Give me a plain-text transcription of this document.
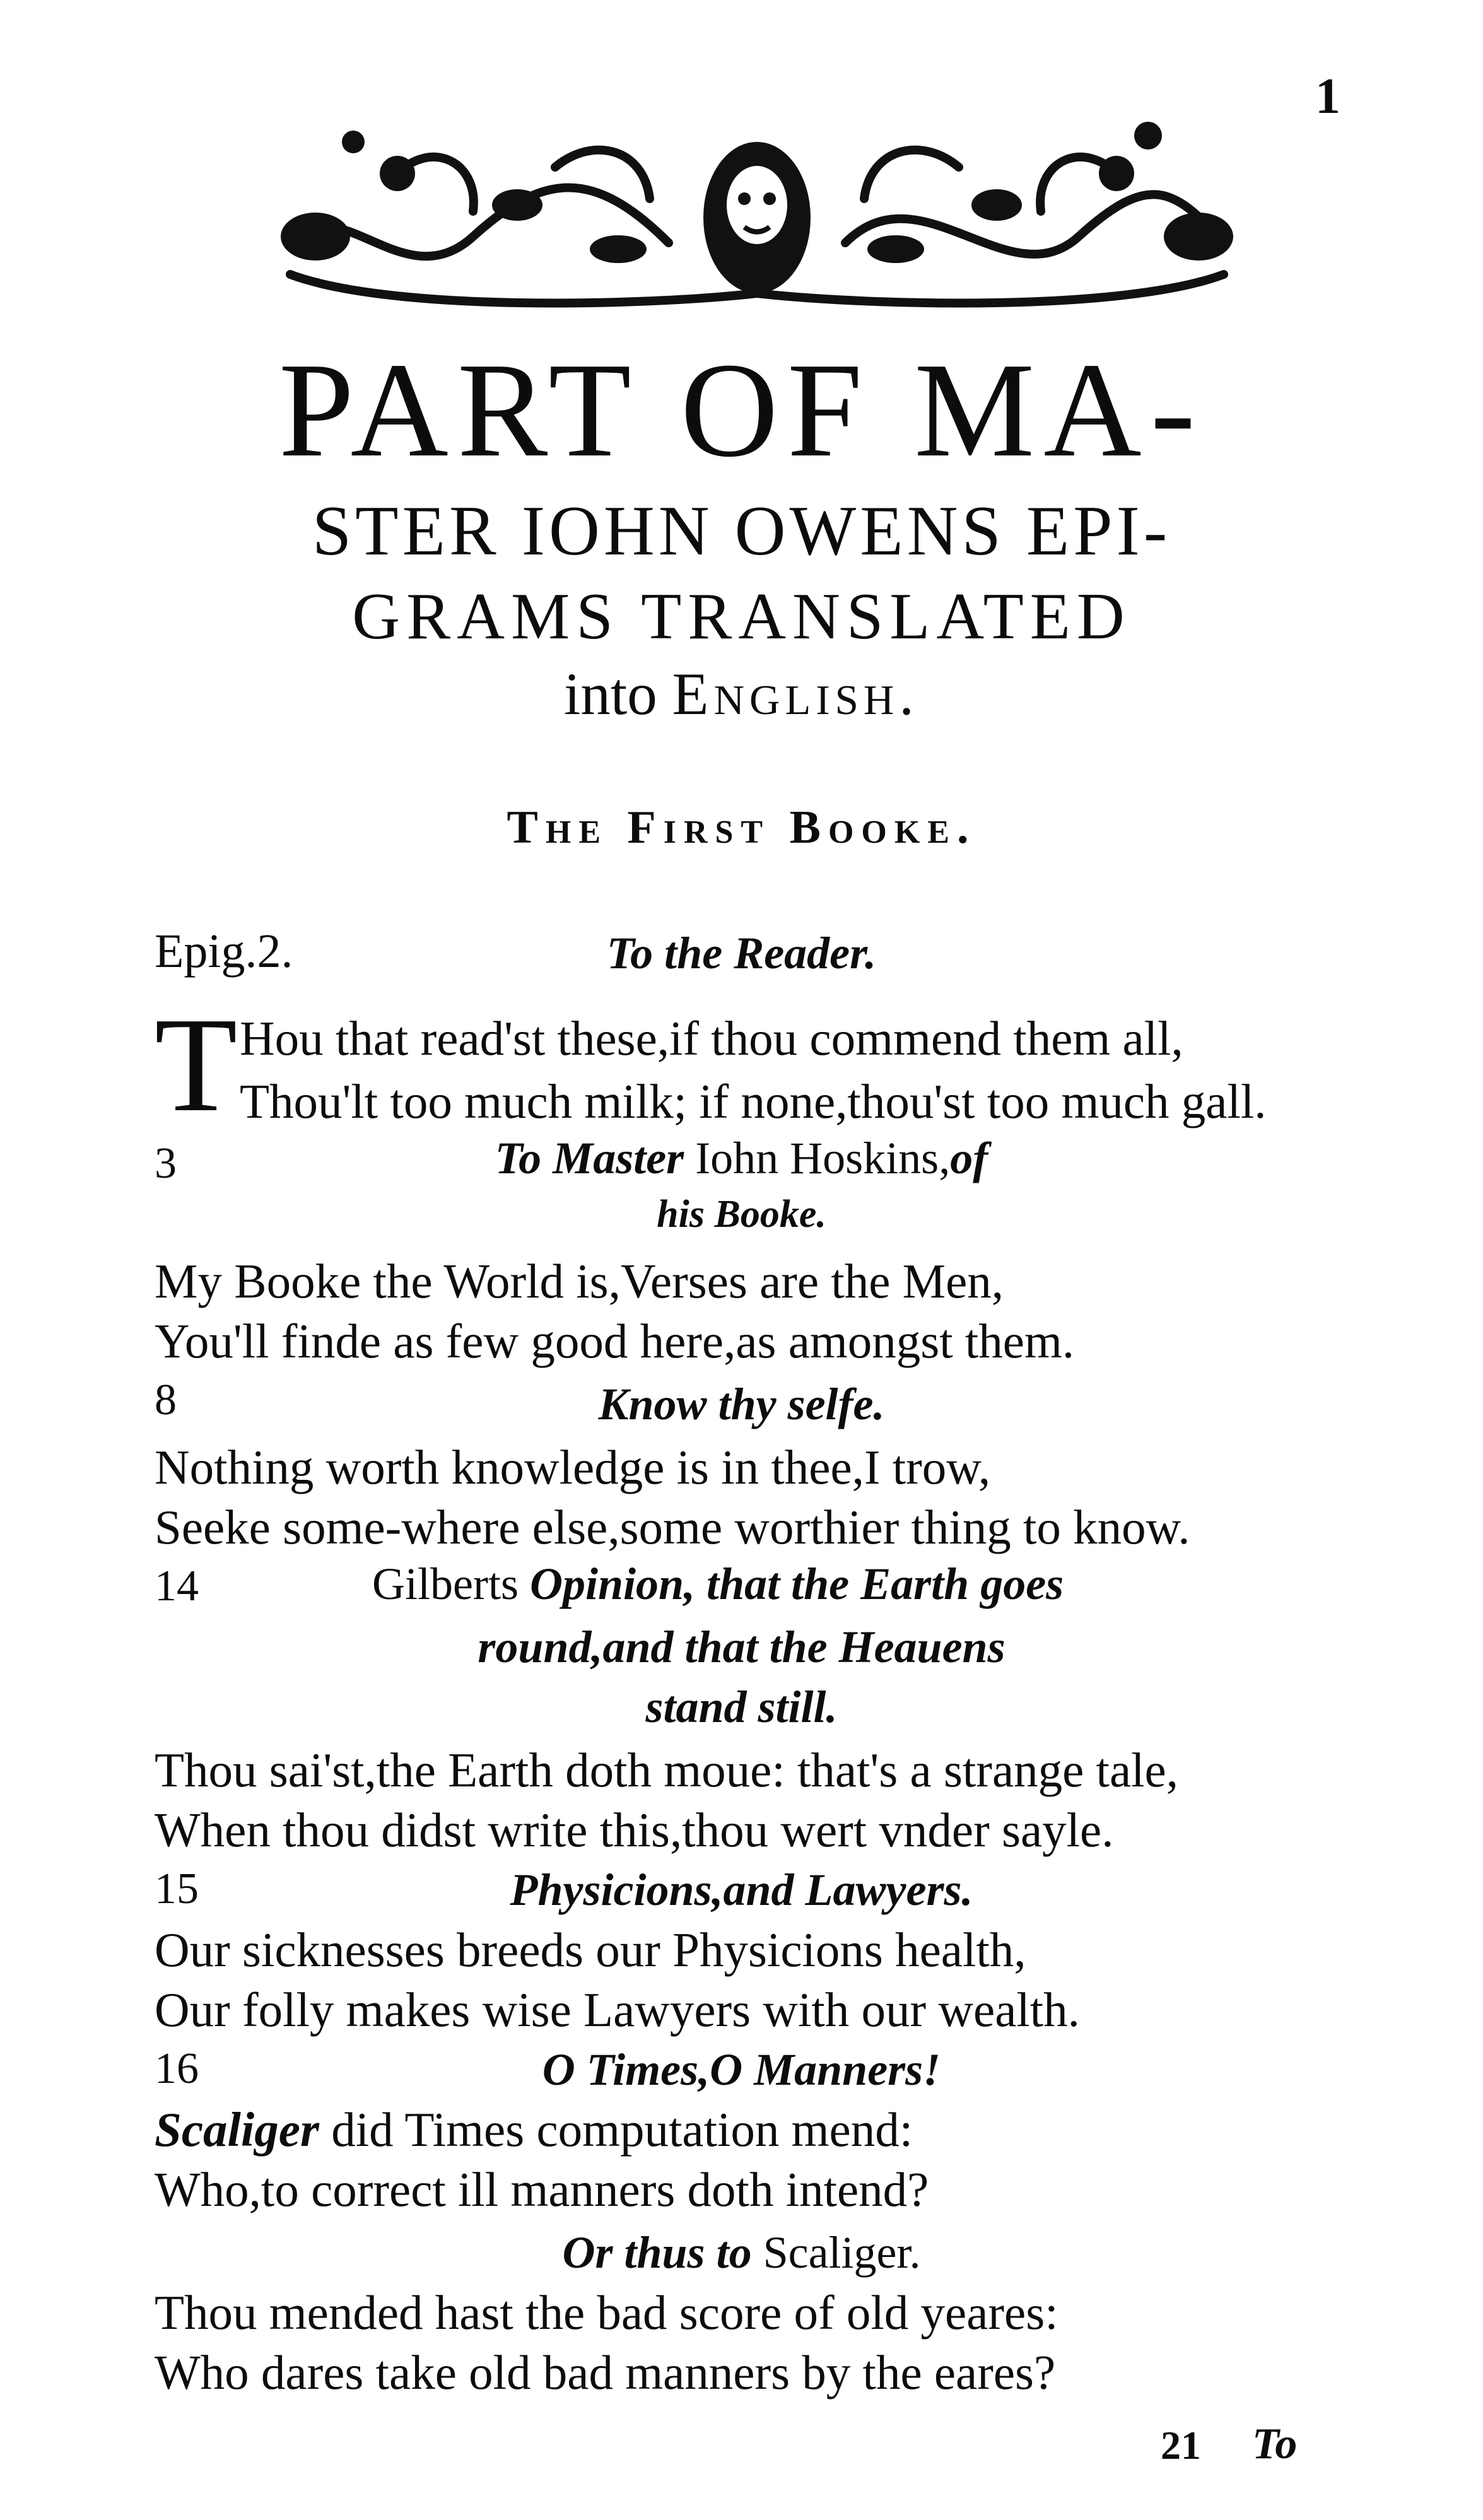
1
PART OF MA-
STER IOHN OWENS EPI-
GRAMS TRANSLATED
into English.
The First Booke.
Epig.2.	To the Reader.
T Hou that read'st these,if thou commend them all,
Thou'lt too much milk; if none,thou'st too much gall.
3	To Master Iohn Hoskins,of
his Booke.
My Booke the World is,Verses are the Men,
You'll finde as few good here,as amongst them.
8	Know thy selfe.
Nothing worth knowledge is in thee,I trow,
Seeke some-where else,some worthier thing to know.
14	Gilberts Opinion, that the Earth goes
round,and that the Heauens
stand still.
Thou sai'st,the Earth doth moue: that's a strange tale,
When thou didst write this,thou wert vnder sayle.
15	Physicions,and Lawyers.
Our sicknesses breeds our Physicions health,
Our folly makes wise Lawyers with our wealth.
16	O Times,O Manners!
Scaliger did Times computation mend:
Who,to correct ill manners doth intend?
Or thus to Scaliger.
Thou mended hast the bad score of old yeares:
Who dares take old bad manners by the eares?
21 To
